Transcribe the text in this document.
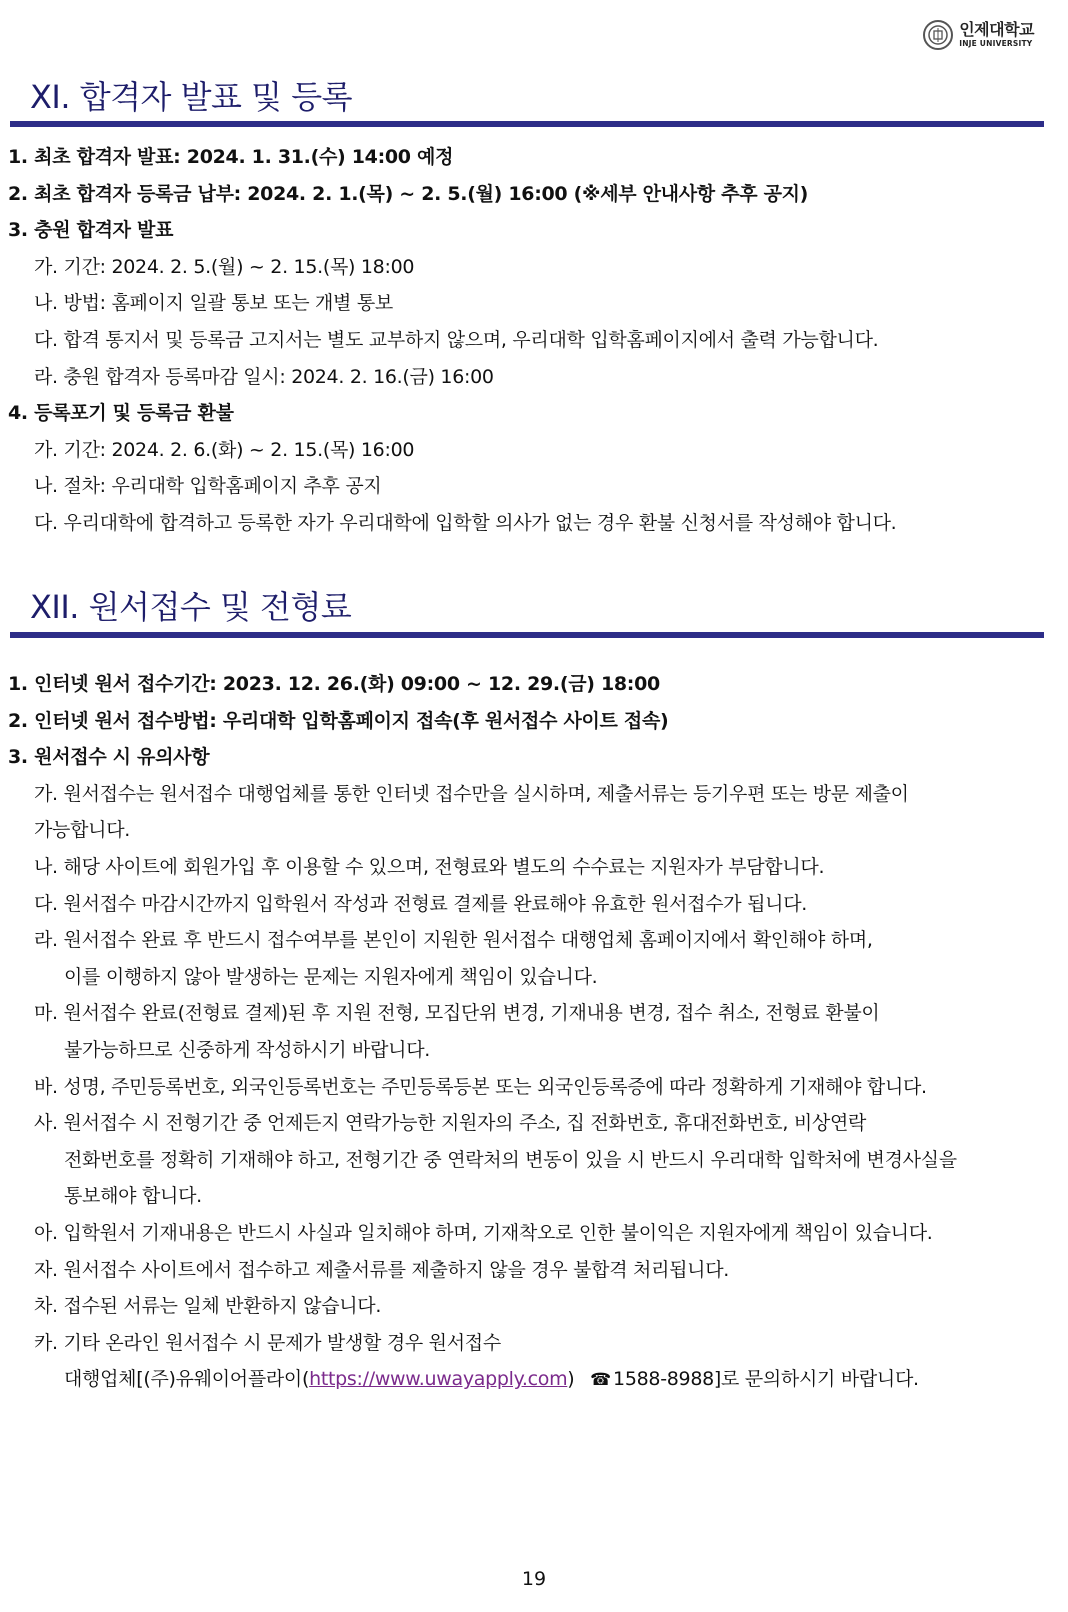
인제대학교
INJE UNIVERSITY
XI. 합격자 발표 및 등록
1. 최초 합격자 발표: 2024. 1. 31.(수) 14:00 예정
2. 최초 합격자 등록금 납부: 2024. 2. 1.(목) ~ 2. 5.(월) 16:00 (※세부 안내사항 추후 공지)
3. 충원 합격자 발표
가. 기간: 2024. 2. 5.(월) ~ 2. 15.(목) 18:00
나. 방법: 홈페이지 일괄 통보 또는 개별 통보
다. 합격 통지서 및 등록금 고지서는 별도 교부하지 않으며, 우리대학 입학홈페이지에서 출력 가능합니다.
라. 충원 합격자 등록마감 일시: 2024. 2. 16.(금) 16:00
4. 등록포기 및 등록금 환불
가. 기간: 2024. 2. 6.(화) ~ 2. 15.(목) 16:00
나. 절차: 우리대학 입학홈페이지 추후 공지
다. 우리대학에 합격하고 등록한 자가 우리대학에 입학할 의사가 없는 경우 환불 신청서를 작성해야 합니다.
XII. 원서접수 및 전형료
1. 인터넷 원서 접수기간: 2023. 12. 26.(화) 09:00 ~ 12. 29.(금) 18:00
2. 인터넷 원서 접수방법: 우리대학 입학홈페이지 접속(후 원서접수 사이트 접속)
3. 원서접수 시 유의사항
가. 원서접수는 원서접수 대행업체를 통한 인터넷 접수만을 실시하며, 제출서류는 등기우편 또는 방문 제출이
가능합니다.
나. 해당 사이트에 회원가입 후 이용할 수 있으며, 전형료와 별도의 수수료는 지원자가 부담합니다.
다. 원서접수 마감시간까지 입학원서 작성과 전형료 결제를 완료해야 유효한 원서접수가 됩니다.
라. 원서접수 완료 후 반드시 접수여부를 본인이 지원한 원서접수 대행업체 홈페이지에서 확인해야 하며,
이를 이행하지 않아 발생하는 문제는 지원자에게 책임이 있습니다.
마. 원서접수 완료(전형료 결제)된 후 지원 전형, 모집단위 변경, 기재내용 변경, 접수 취소, 전형료 환불이
불가능하므로 신중하게 작성하시기 바랍니다.
바. 성명, 주민등록번호, 외국인등록번호는 주민등록등본 또는 외국인등록증에 따라 정확하게 기재해야 합니다.
사. 원서접수 시 전형기간 중 언제든지 연락가능한 지원자의 주소, 집 전화번호, 휴대전화번호, 비상연락
전화번호를 정확히 기재해야 하고, 전형기간 중 연락처의 변동이 있을 시 반드시 우리대학 입학처에 변경사실을
통보해야 합니다.
아. 입학원서 기재내용은 반드시 사실과 일치해야 하며, 기재착오로 인한 불이익은 지원자에게 책임이 있습니다.
자. 원서접수 사이트에서 접수하고 제출서류를 제출하지 않을 경우 불합격 처리됩니다.
차. 접수된 서류는 일체 반환하지 않습니다.
카. 기타 온라인 원서접수 시 문제가 발생할 경우 원서접수
대행업체[(주)유웨이어플라이(https://www.uwayapply.com) ☎ 1588-8988]로 문의하시기 바랍니다.
19
